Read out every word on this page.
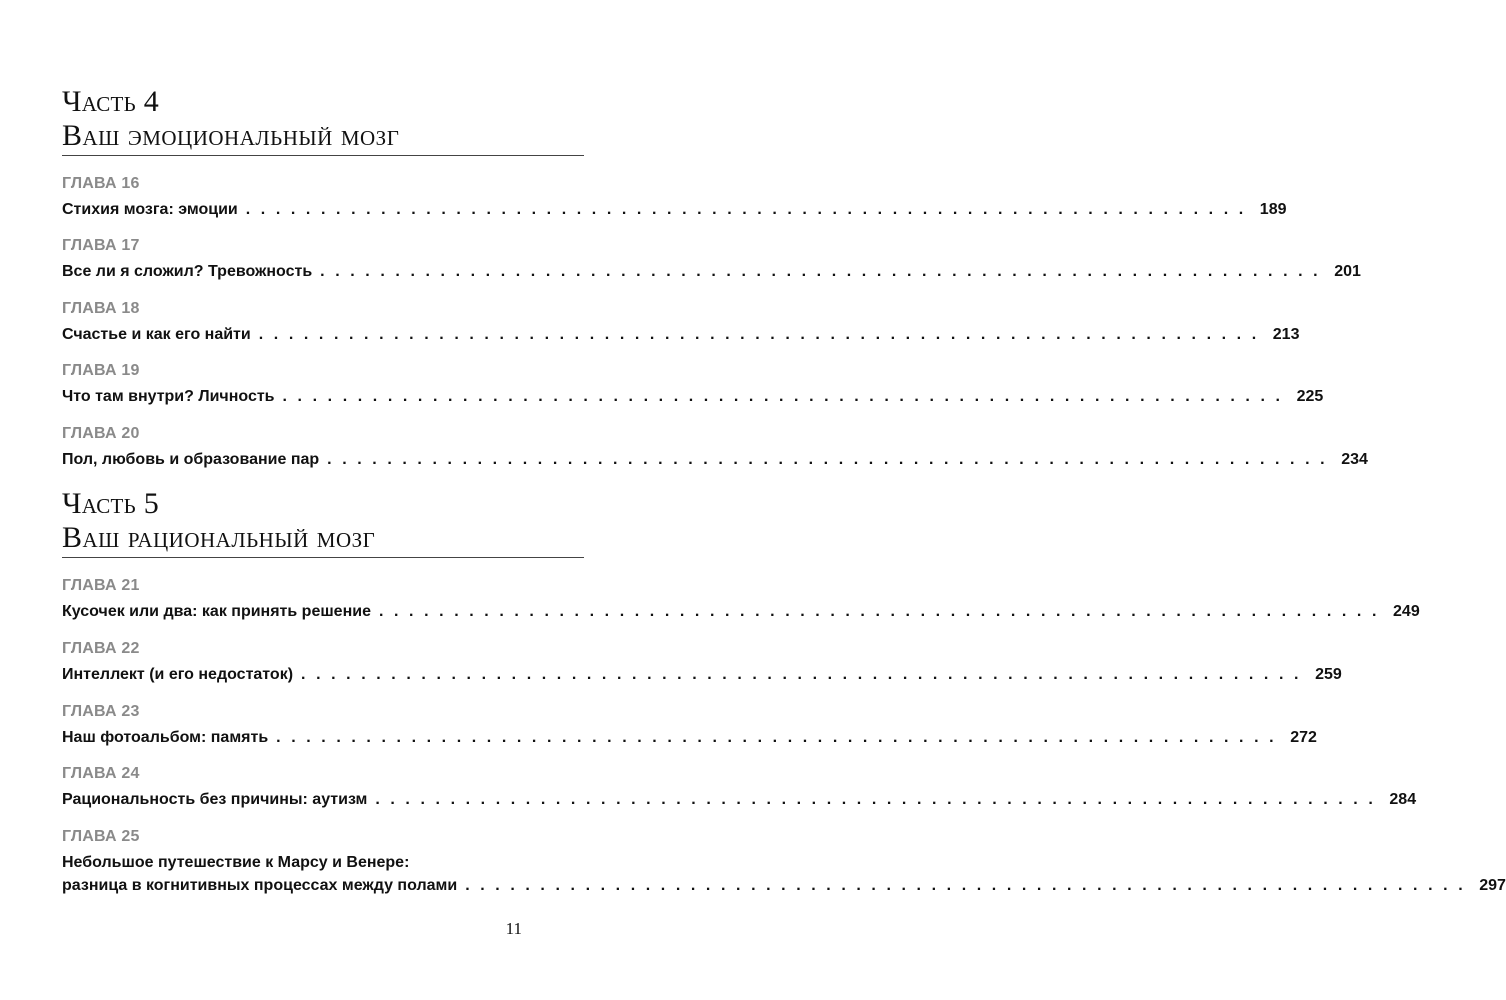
Часть 4
Ваш эмоциональный мозг
ГЛАВА 16
Стихия мозга: эмоции ................................................................... 189
ГЛАВА 17
Все ли я сложил? Тревожность ................................................................... 201
ГЛАВА 18
Счастье и как его найти ................................................................... 213
ГЛАВА 19
Что там внутри? Личность ................................................................... 225
ГЛАВА 20
Пол, любовь и образование пар ................................................................... 234
Часть 5
Ваш рациональный мозг
ГЛАВА 21
Кусочек или два: как принять решение ................................................................... 249
ГЛАВА 22
Интеллект (и его недостаток) ................................................................... 259
ГЛАВА 23
Наш фотоальбом: память ................................................................... 272
ГЛАВА 24
Рациональность без причины: аутизм ................................................................... 284
ГЛАВА 25
Небольшое путешествие к Марсу и Венере:
разница в когнитивных процессах между полами ................................................................... 297
11
